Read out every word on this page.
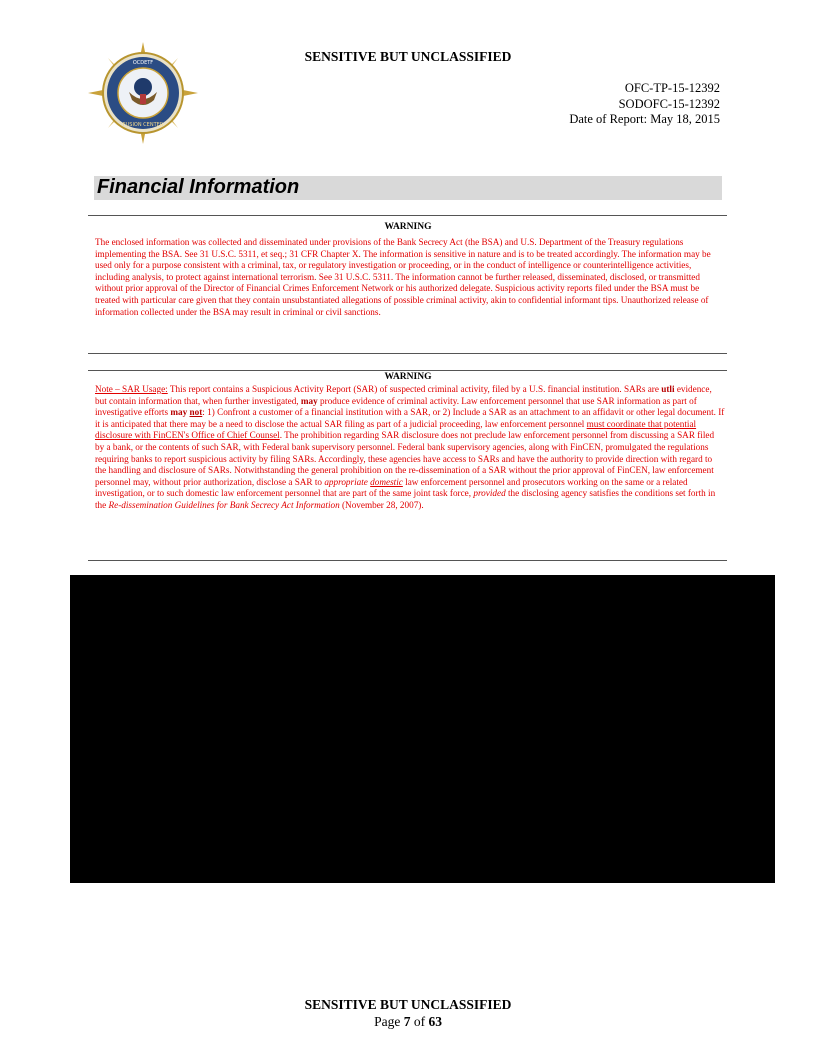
SENSITIVE BUT UNCLASSIFIED
OCDETF
FUSION CENTER
OFC-TP-15-12392
SODOFC-15-12392
Date of Report: May 18, 2015
Financial Information
WARNING
The enclosed information was collected and disseminated under provisions of the Bank Secrecy Act (the BSA) and U.S. Department of the Treasury regulations implementing the BSA. See 31 U.S.C. 5311, et seq.; 31 CFR Chapter X. The information is sensitive in nature and is to be treated accordingly. The information may be used only for a purpose consistent with a criminal, tax, or regulatory investigation or proceeding, or in the conduct of intelligence or counterintelligence activities, including analysis, to protect against international terrorism. See 31 U.S.C. 5311. The information cannot be further released, disseminated, disclosed, or transmitted without prior approval of the Director of Financial Crimes Enforcement Network or his authorized delegate. Suspicious activity reports filed under the BSA must be treated with particular care given that they contain unsubstantiated allegations of possible criminal activity, akin to confidential informant tips. Unauthorized release of information collected under the BSA may result in criminal or civil sanctions.
WARNING
Note – SAR Usage: This report contains a Suspicious Activity Report (SAR) of suspected criminal activity, filed by a U.S. financial institution. SARs are utli evidence, but contain information that, when further investigated, may produce evidence of criminal activity. Law enforcement personnel that use SAR information as part of investigative efforts may not: 1) Confront a customer of a financial institution with a SAR, or 2) Include a SAR as an attachment to an affidavit or other legal document. If it is anticipated that there may be a need to disclose the actual SAR filing as part of a judicial proceeding, law enforcement personnel must coordinate that potential disclosure with FinCEN's Office of Chief Counsel. The prohibition regarding SAR disclosure does not preclude law enforcement personnel from discussing a SAR filed by a bank, or the contents of such SAR, with Federal bank supervisory personnel. Federal bank supervisory agencies, along with FinCEN, promulgated the regulations requiring banks to report suspicious activity by filing SARs. Accordingly, these agencies have access to SARs and have the authority to provide direction with regard to the handling and disclosure of SARs. Notwithstanding the general prohibition on the re-dissemination of a SAR without the prior approval of FinCEN, law enforcement personnel may, without prior authorization, disclose a SAR to appropriate domestic law enforcement personnel and prosecutors working on the same or a related investigation, or to such domestic law enforcement personnel that are part of the same joint task force, provided the disclosing agency satisfies the conditions set forth in the Re-dissemination Guidelines for Bank Secrecy Act Information (November 28, 2007).
SENSITIVE BUT UNCLASSIFIED
Page 7 of 63
